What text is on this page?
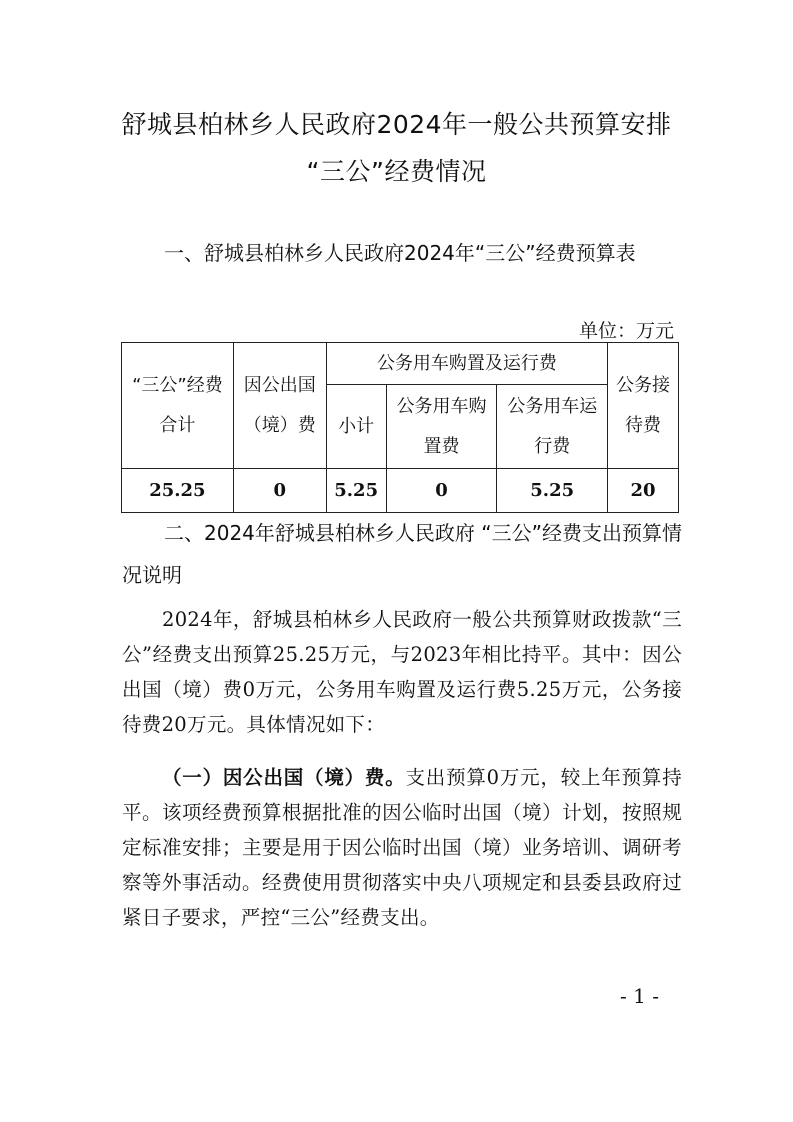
舒城县柏林乡人民政府2024年一般公共预算安排
“三公”经费情况
一、舒城县柏林乡人民政府2024年“三公”经费预算表
单位：万元
“三公”经费合计	因公出国（境）费	公务用车购置及运行费			公务接待费
		小计	公务用车购置费	公务用车运行费	
25.25	0	5.25	0	5.25	20
二、2024年舒城县柏林乡人民政府 “三公”经费支出预算情况说明
2024年，舒城县柏林乡人民政府一般公共预算财政拨款“三公”经费支出预算25.25万元，与2023年相比持平。其中：因公出国（境）费0万元，公务用车购置及运行费5.25万元，公务接待费20万元。具体情况如下：
（一）因公出国（境）费。支出预算0万元，较上年预算持平。该项经费预算根据批准的因公临时出国（境）计划，按照规定标准安排；主要是用于因公临时出国（境）业务培训、调研考察等外事活动。经费使用贯彻落实中央八项规定和县委县政府过紧日子要求，严控“三公”经费支出。
- 1 -
